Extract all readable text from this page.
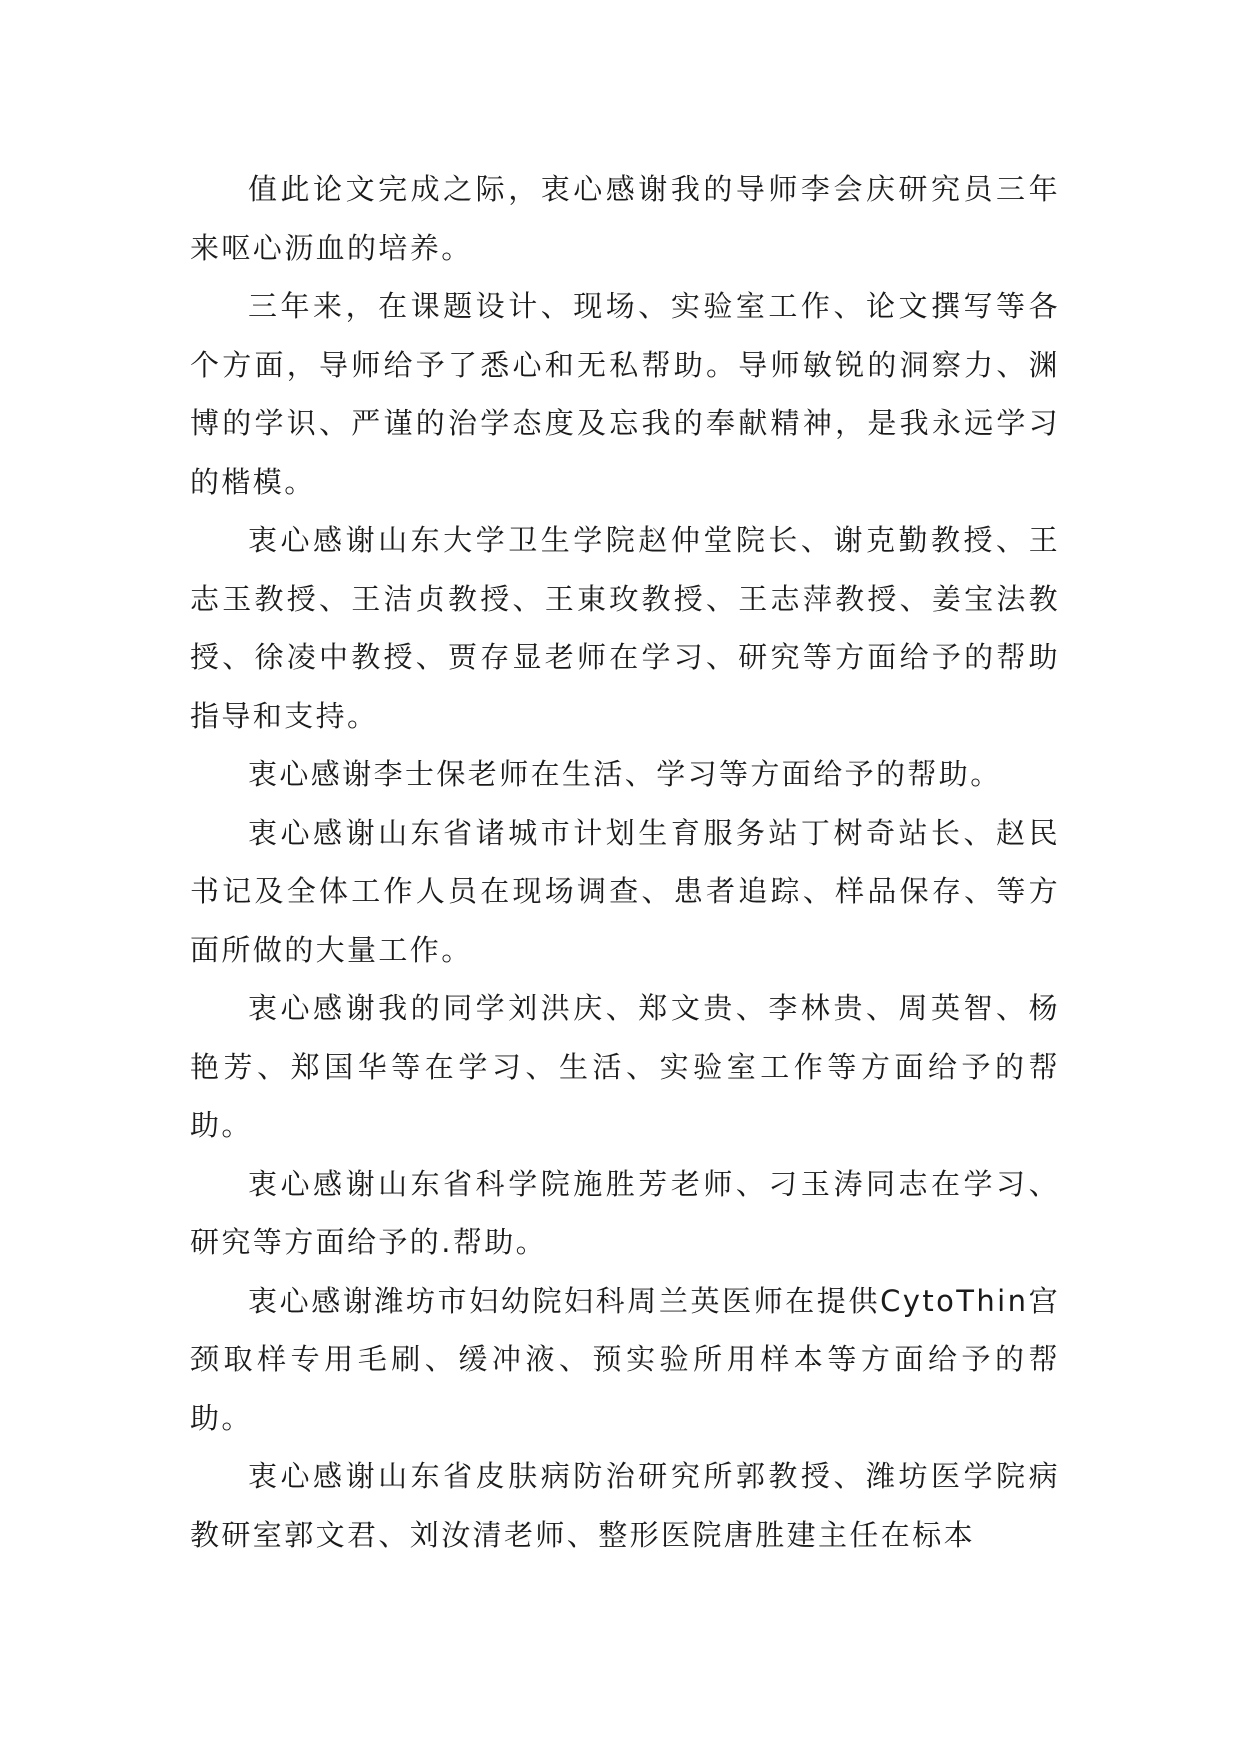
值此论文完成之际，衷心感谢我的导师李会庆研究员三年来呕心沥血的培养。

三年来，在课题设计、现场、实验室工作、论文撰写等各个方面，导师给予了悉心和无私帮助。导师敏锐的洞察力、渊博的学识、严谨的治学态度及忘我的奉献精神，是我永远学习的楷模。

衷心感谢山东大学卫生学院赵仲堂院长、谢克勤教授、王志玉教授、王洁贞教授、王東玫教授、王志萍教授、姜宝法教授、徐凌中教授、贾存显老师在学习、研究等方面给予的帮助指导和支持。

衷心感谢李士保老师在生活、学习等方面给予的帮助。

衷心感谢山东省诸城市计划生育服务站丁树奇站长、赵民书记及全体工作人员在现场调查、患者追踪、样品保存、等方面所做的大量工作。

衷心感谢我的同学刘洪庆、郑文贵、李林贵、周英智、杨艳芳、郑国华等在学习、生活、实验室工作等方面给予的帮助。

衷心感谢山东省科学院施胜芳老师、刁玉涛同志在学习、研究等方面给予的.帮助。

衷心感谢潍坊市妇幼院妇科周兰英医师在提供CytoThin宫颈取样专用毛刷、缓冲液、预实验所用样本等方面给予的帮助。

衷心感谢山东省皮肤病防治研究所郭教授、潍坊医学院病教研室郭文君、刘汝清老师、整形医院唐胜建主任在标本
